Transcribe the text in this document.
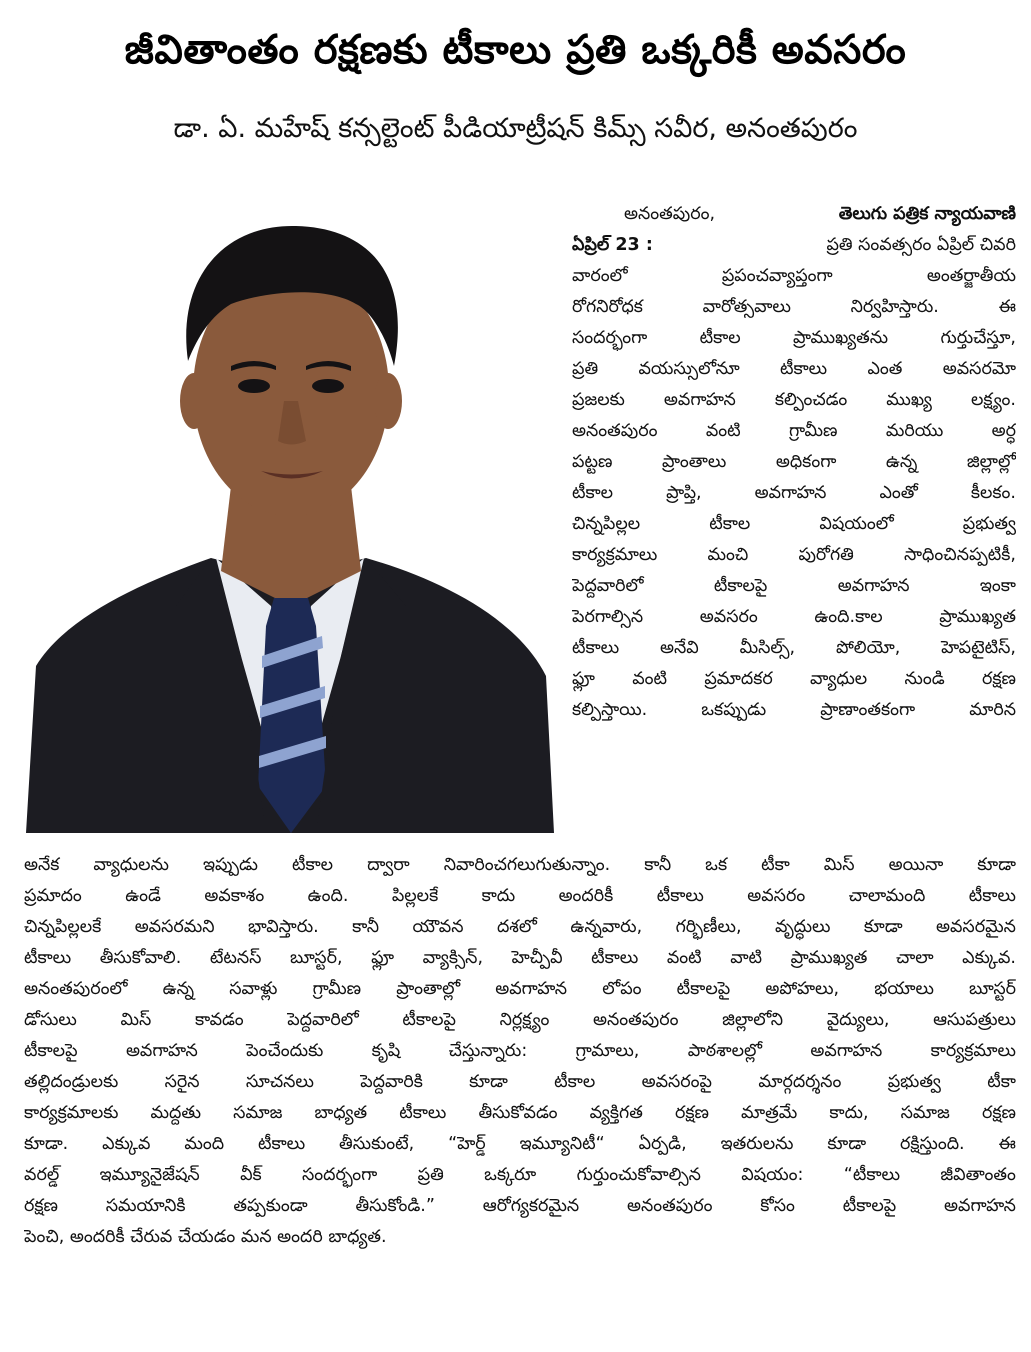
జీవితాంతం రక్షణకు టీకాలు ప్రతి ఒక్కరికీ అవసరం
డా. ఏ. మహేష్ కన్సల్టెంట్ పీడియాట్రీషన్ కిమ్స్ సవీర, అనంతపురం
అనంతపురం,	తెలుగు పత్రిక న్యాయవాణి
ఏప్రిల్ 23 :	ప్రతి సంవత్సరం ఏప్రిల్ చివరి
వారంలో	ప్రపంచవ్యాప్తంగా	అంతర్జాతీయ
రోగనిరోధక	వారోత్సవాలు	నిర్వహిస్తారు.	ఈ
సందర్భంగా	టీకాల	ప్రాముఖ్యతను	గుర్తుచేస్తూ,
ప్రతి వయస్సులోనూ టీకాలు ఎంత అవసరమో
ప్రజలకు అవగాహన కల్పించడం ముఖ్య లక్ష్యం.
అనంతపురం	వంటి	గ్రామీణ	మరియు	అర్ధ
పట్టణ	ప్రాంతాలు	అధికంగా	ఉన్న	జిల్లాల్లో
టీకాల	ప్రాప్తి,	అవగాహన	ఎంతో	కీలకం.
చిన్నపిల్లల	టీకాల	విషయంలో	ప్రభుత్వ
కార్యక్రమాలు	మంచి	పురోగతి	సాధించినప్పటికీ,
పెద్దవారిలో	టీకాలపై	అవగాహన	ఇంకా
పెరగాల్సిన	అవసరం	ఉంది.కాల	ప్రాముఖ్యత
టీకాలు అనేవి మీసిల్స్, పోలియో, హెపటైటిస్,
ఫ్లూ వంటి ప్రమాదకర వ్యాధుల నుండి రక్షణ
కల్పిస్తాయి.	ఒకప్పుడు	ప్రాణాంతకంగా	మారిన
అనేక వ్యాధులను ఇప్పుడు టీకాల ద్వారా నివారించగలుగుతున్నాం. కానీ ఒక టీకా మిస్ అయినా కూడా
ప్రమాదం ఉండే అవకాశం ఉంది. పిల్లలకే కాదు అందరికీ టీకాలు అవసరం చాలామంది టీకాలు
చిన్నపిల్లలకే అవసరమని భావిస్తారు. కానీ యౌవన దశలో ఉన్నవారు, గర్భిణీలు, వృద్ధులు కూడా అవసరమైన
టీకాలు తీసుకోవాలి. టేటనస్ బూస్టర్, ఫ్లూ వ్యాక్సిన్, హెచ్పీవీ టీకాలు వంటి వాటి ప్రాముఖ్యత చాలా ఎక్కువ.
అనంతపురంలో ఉన్న సవాళ్లు గ్రామీణ ప్రాంతాల్లో అవగాహన లోపం టీకాలపై అపోహలు, భయాలు బూస్టర్
డోసులు మిస్ కావడం పెద్దవారిలో టీకాలపై నిర్లక్ష్యం అనంతపురం జిల్లాలోని వైద్యులు, ఆసుపత్రులు
టీకాలపై	అవగాహన	పెంచేందుకు	కృషి	చేస్తున్నారు:	గ్రామాలు,	పాఠశాలల్లో	అవగాహన	కార్యక్రమాలు
తల్లిదండ్రులకు	సరైన	సూచనలు	పెద్దవారికి	కూడా	టీకాల	అవసరంపై	మార్గదర్శనం	ప్రభుత్వ	టీకా
కార్యక్రమాలకు మద్దతు సమాజ బాధ్యత టీకాలు తీసుకోవడం వ్యక్తిగత రక్షణ మాత్రమే కాదు, సమాజ రక్షణ
కూడా. ఎక్కువ మంది టీకాలు తీసుకుంటే, “హెర్డ్ ఇమ్యూనిటీ“ ఏర్పడి, ఇతరులను కూడా రక్షిస్తుంది. ఈ
వరల్డ్ ఇమ్యూనైజేషన్ వీక్ సందర్భంగా ప్రతి ఒక్కరూ గుర్తుంచుకోవాల్సిన విషయం: “టీకాలు జీవితాంతం
రక్షణ	సమయానికి	తప్పకుండా	తీసుకోండి.”	ఆరోగ్యకరమైన	అనంతపురం	కోసం	టీకాలపై	అవగాహన
పెంచి, అందరికీ చేరువ చేయడం మన అందరి బాధ్యత.
